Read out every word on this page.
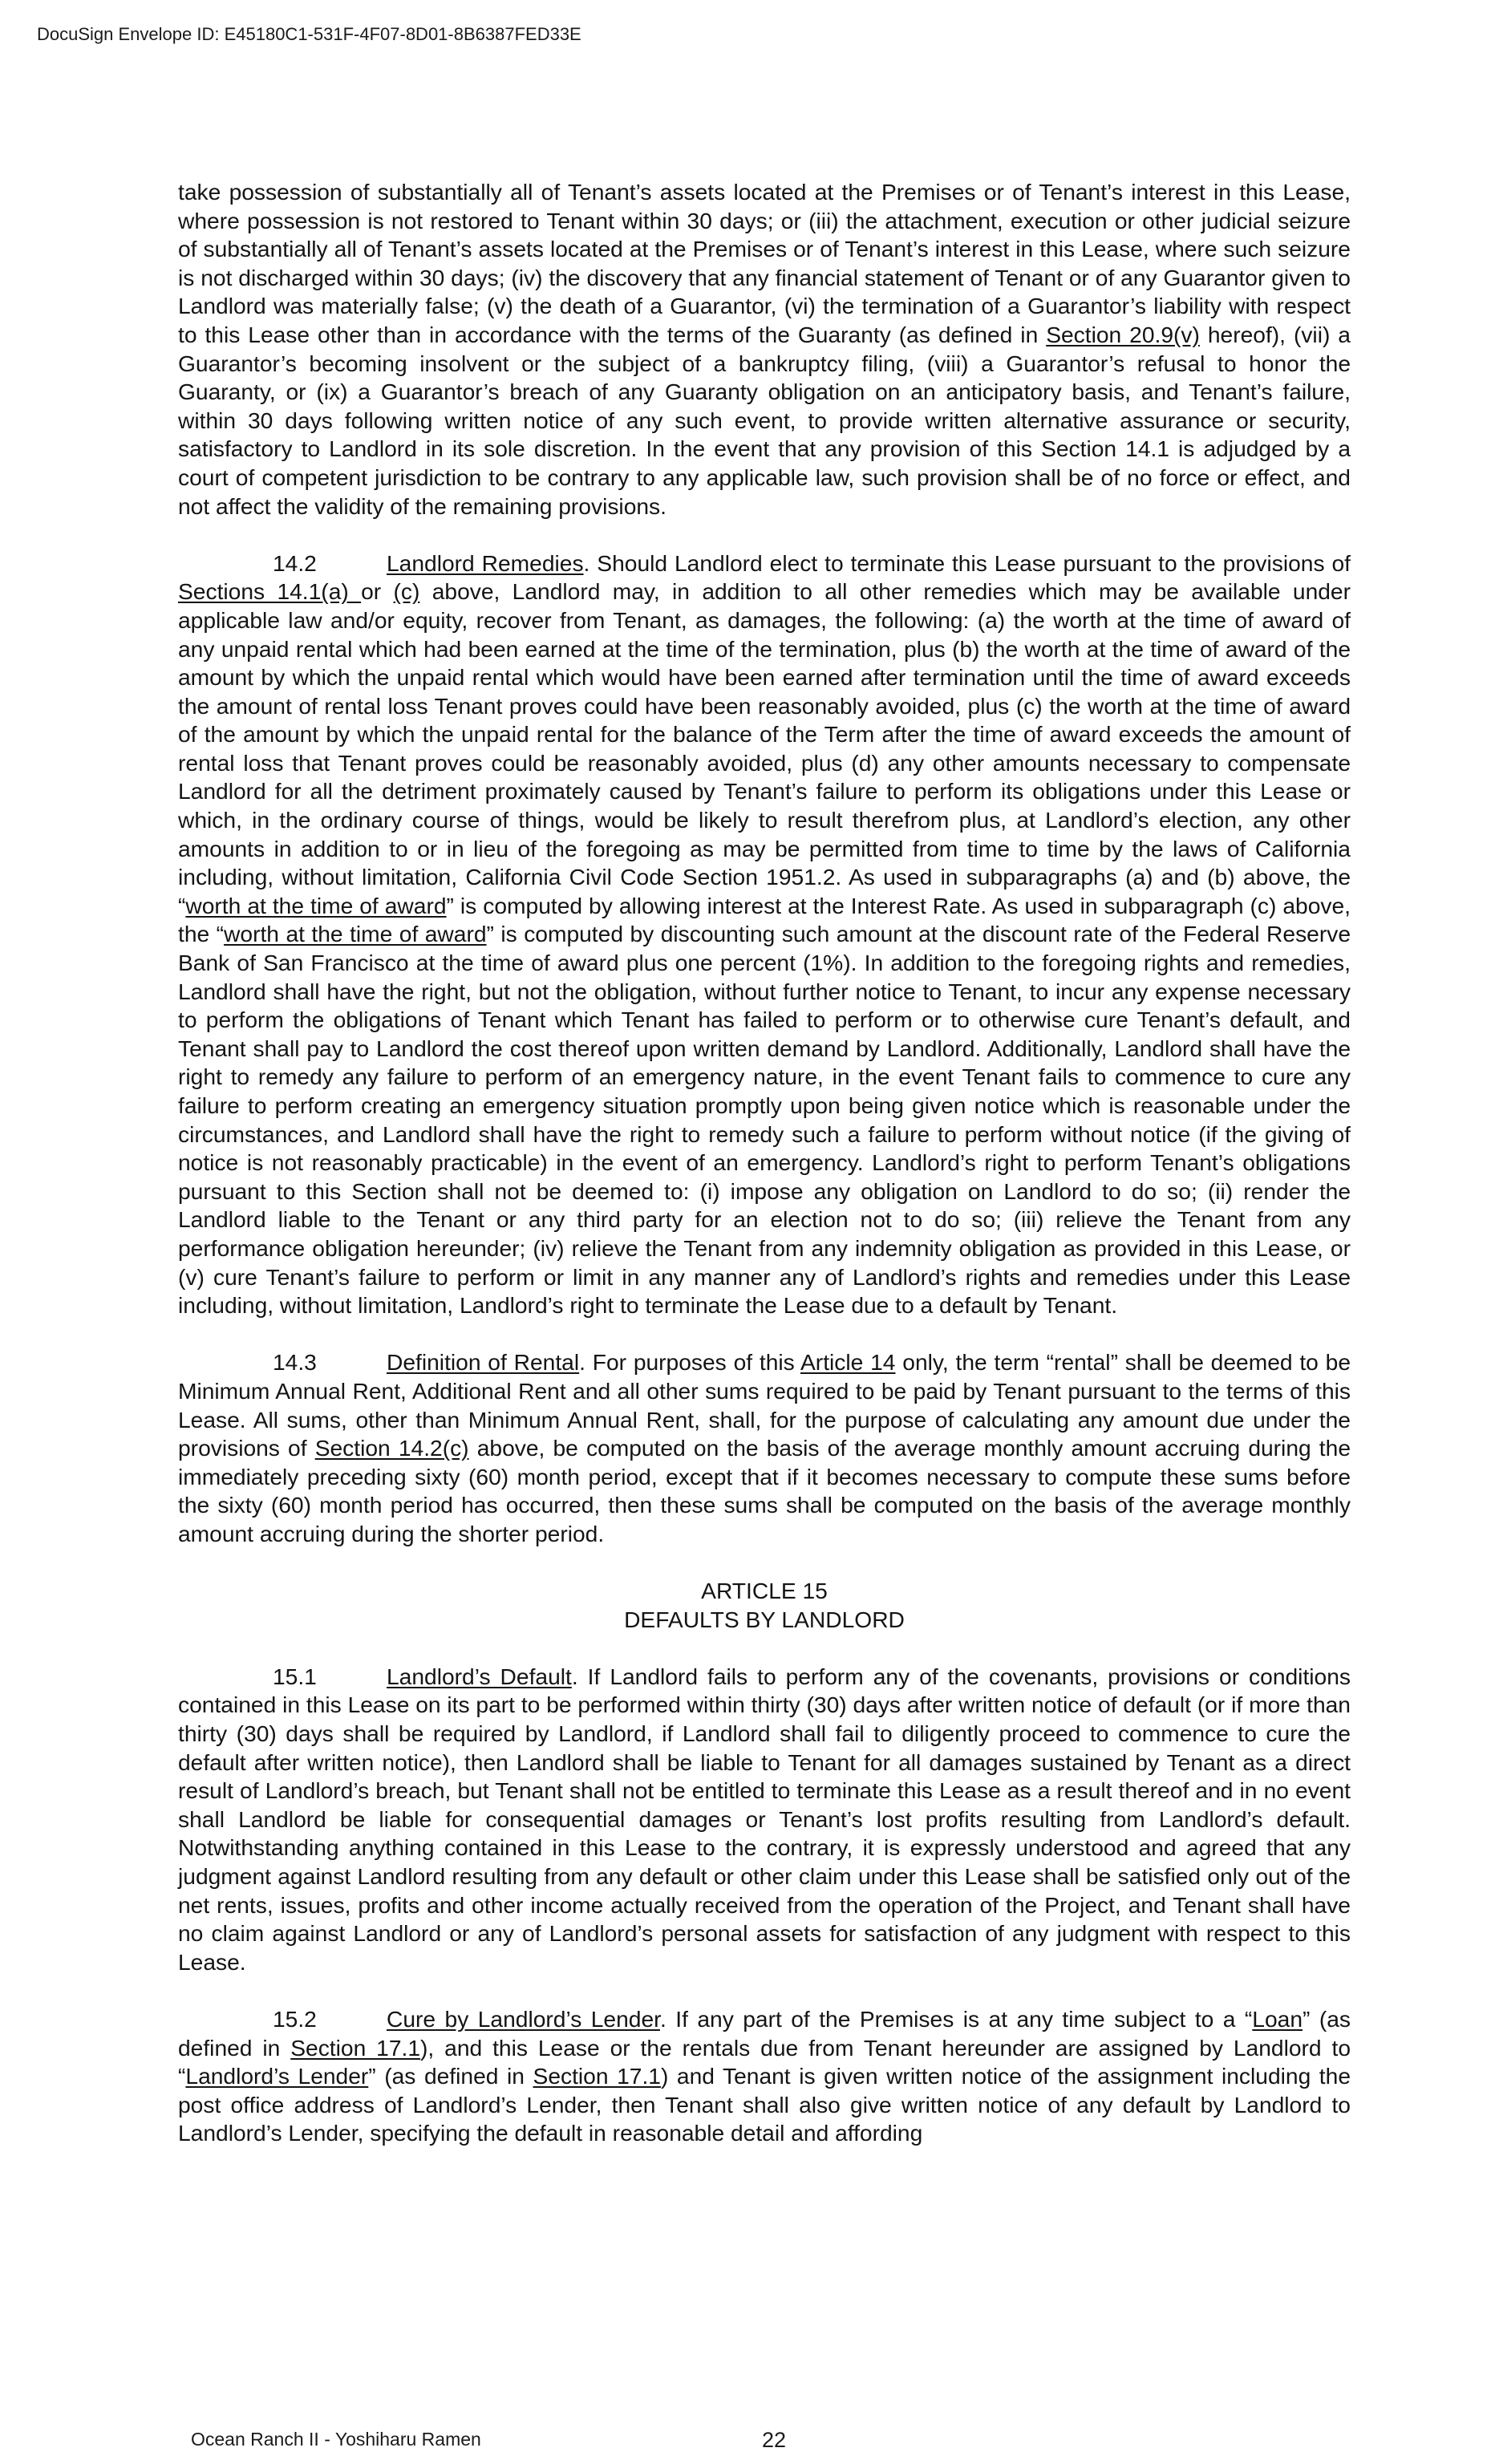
DocuSign Envelope ID: E45180C1-531F-4F07-8D01-8B6387FED33E

take possession of substantially all of Tenant’s assets located at the Premises or of Tenant’s interest in this Lease, where possession is not restored to Tenant within 30 days; or (iii) the attachment, execution or other judicial seizure of substantially all of Tenant’s assets located at the Premises or of Tenant’s interest in this Lease, where such seizure is not discharged within 30 days; (iv) the discovery that any financial statement of Tenant or of any Guarantor given to Landlord was materially false; (v) the death of a Guarantor, (vi) the termination of a Guarantor’s liability with respect to this Lease other than in accordance with the terms of the Guaranty (as defined in Section 20.9(v) hereof), (vii) a Guarantor’s becoming insolvent or the subject of a bankruptcy filing, (viii) a Guarantor’s refusal to honor the Guaranty, or (ix) a Guarantor’s breach of any Guaranty obligation on an anticipatory basis, and Tenant’s failure, within 30 days following written notice of any such event, to provide written alternative assurance or security, satisfactory to Landlord in its sole discretion. In the event that any provision of this Section 14.1 is adjudged by a court of competent jurisdiction to be contrary to any applicable law, such provision shall be of no force or effect, and not affect the validity of the remaining provisions.

14.2	Landlord Remedies. Should Landlord elect to terminate this Lease pursuant to the provisions of Sections 14.1(a) or (c) above, Landlord may, in addition to all other remedies which may be available under applicable law and/or equity, recover from Tenant, as damages, the following: (a) the worth at the time of award of any unpaid rental which had been earned at the time of the termination, plus (b) the worth at the time of award of the amount by which the unpaid rental which would have been earned after termination until the time of award exceeds the amount of rental loss Tenant proves could have been reasonably avoided, plus (c) the worth at the time of award of the amount by which the unpaid rental for the balance of the Term after the time of award exceeds the amount of rental loss that Tenant proves could be reasonably avoided, plus (d) any other amounts necessary to compensate Landlord for all the detriment proximately caused by Tenant’s failure to perform its obligations under this Lease or which, in the ordinary course of things, would be likely to result therefrom plus, at Landlord’s election, any other amounts in addition to or in lieu of the foregoing as may be permitted from time to time by the laws of California including, without limitation, California Civil Code Section 1951.2. As used in subparagraphs (a) and (b) above, the “worth at the time of award” is computed by allowing interest at the Interest Rate. As used in subparagraph (c) above, the “worth at the time of award” is computed by discounting such amount at the discount rate of the Federal Reserve Bank of San Francisco at the time of award plus one percent (1%). In addition to the foregoing rights and remedies, Landlord shall have the right, but not the obligation, without further notice to Tenant, to incur any expense necessary to perform the obligations of Tenant which Tenant has failed to perform or to otherwise cure Tenant’s default, and Tenant shall pay to Landlord the cost thereof upon written demand by Landlord. Additionally, Landlord shall have the right to remedy any failure to perform of an emergency nature, in the event Tenant fails to commence to cure any failure to perform creating an emergency situation promptly upon being given notice which is reasonable under the circumstances, and Landlord shall have the right to remedy such a failure to perform without notice (if the giving of notice is not reasonably practicable) in the event of an emergency. Landlord’s right to perform Tenant’s obligations pursuant to this Section shall not be deemed to: (i) impose any obligation on Landlord to do so; (ii) render the Landlord liable to the Tenant or any third party for an election not to do so; (iii) relieve the Tenant from any performance obligation hereunder; (iv) relieve the Tenant from any indemnity obligation as provided in this Lease, or (v) cure Tenant’s failure to perform or limit in any manner any of Landlord’s rights and remedies under this Lease including, without limitation, Landlord’s right to terminate the Lease due to a default by Tenant.

14.3	Definition of Rental. For purposes of this Article 14 only, the term “rental” shall be deemed to be Minimum Annual Rent, Additional Rent and all other sums required to be paid by Tenant pursuant to the terms of this Lease. All sums, other than Minimum Annual Rent, shall, for the purpose of calculating any amount due under the provisions of Section 14.2(c) above, be computed on the basis of the average monthly amount accruing during the immediately preceding sixty (60) month period, except that if it becomes necessary to compute these sums before the sixty (60) month period has occurred, then these sums shall be computed on the basis of the average monthly amount accruing during the shorter period.

ARTICLE 15

DEFAULTS BY LANDLORD

15.1	Landlord’s Default. If Landlord fails to perform any of the covenants, provisions or conditions contained in this Lease on its part to be performed within thirty (30) days after written notice of default (or if more than thirty (30) days shall be required by Landlord, if Landlord shall fail to diligently proceed to commence to cure the default after written notice), then Landlord shall be liable to Tenant for all damages sustained by Tenant as a direct result of Landlord’s breach, but Tenant shall not be entitled to terminate this Lease as a result thereof and in no event shall Landlord be liable for consequential damages or Tenant’s lost profits resulting from Landlord’s default. Notwithstanding anything contained in this Lease to the contrary, it is expressly understood and agreed that any judgment against Landlord resulting from any default or other claim under this Lease shall be satisfied only out of the net rents, issues, profits and other income actually received from the operation of the Project, and Tenant shall have no claim against Landlord or any of Landlord’s personal assets for satisfaction of any judgment with respect to this Lease.

15.2	Cure by Landlord’s Lender. If any part of the Premises is at any time subject to a “Loan” (as defined in Section 17.1), and this Lease or the rentals due from Tenant hereunder are assigned by Landlord to “Landlord’s Lender” (as defined in Section 17.1) and Tenant is given written notice of the assignment including the post office address of Landlord’s Lender, then Tenant shall also give written notice of any default by Landlord to Landlord’s Lender, specifying the default in reasonable detail and affording

Ocean Ranch II - Yoshiharu Ramen	22
